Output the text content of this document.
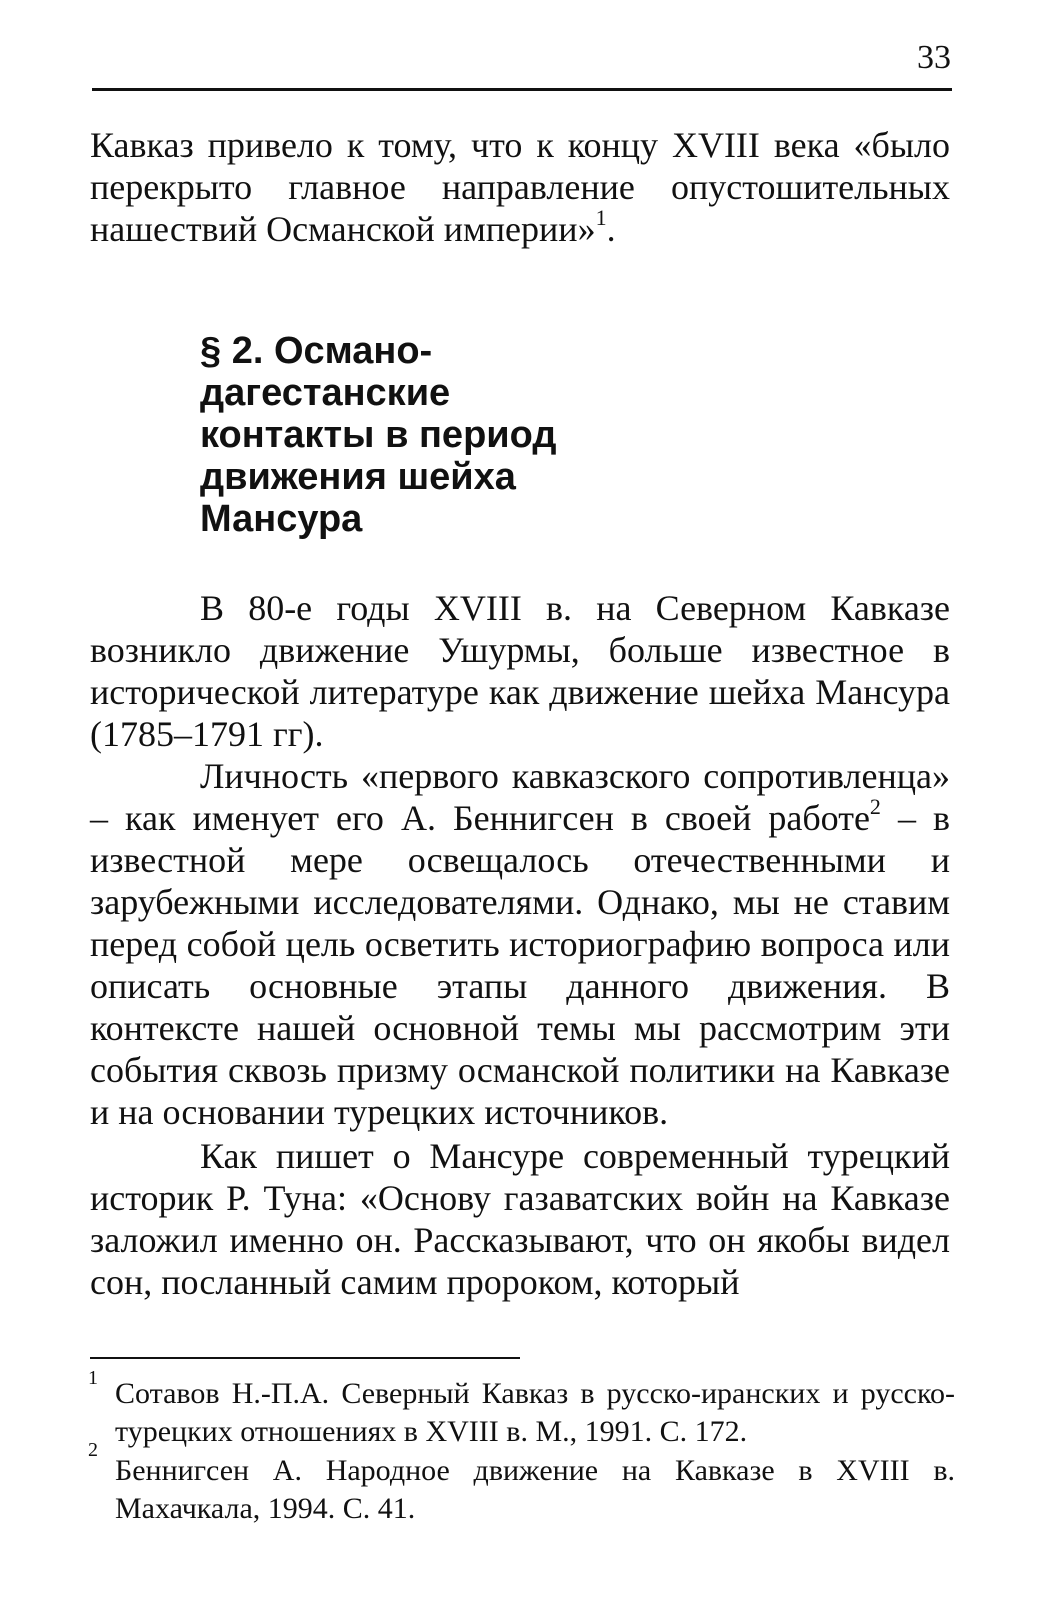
33

Кавказ привело к тому, что к концу XVIII века «было перекрыто главное направление опустошительных нашествий Османской империи»$^1$.

§ 2. Османо-
дагестанские
контакты в период
движения шейха
Мансура

В 80-е годы XVIII в. на Северном Кавказе возникло движение Ушурмы, больше известное в исторической литературе как движение шейха Мансура (1785–1791 гг).

Личность «первого кавказского сопротивленца» – как именует его А. Беннигсен в своей работе$^2$ – в известной мере освещалось отечественными и зарубежными исследователями. Однако, мы не ставим перед собой цель осветить историографию вопроса или описать основные этапы данного движения. В контексте нашей основной темы мы рассмотрим эти события сквозь призму османской политики на Кавказе и на основании турецких источников.

Как пишет о Мансуре современный турецкий историк Р. Туна: «Основу газаватских войн на Кавказе заложил именно он. Рассказывают, что он якобы видел сон, посланный самим пророком, который

1 Сотавов Н.-П.А. Северный Кавказ в русско-иранских и русско-турецких отношениях в XVIII в. М., 1991. С. 172.

2

Беннигсен А. Народное движение на Кавказе в XVIII в. Махачкала, 1994. С. 41.
